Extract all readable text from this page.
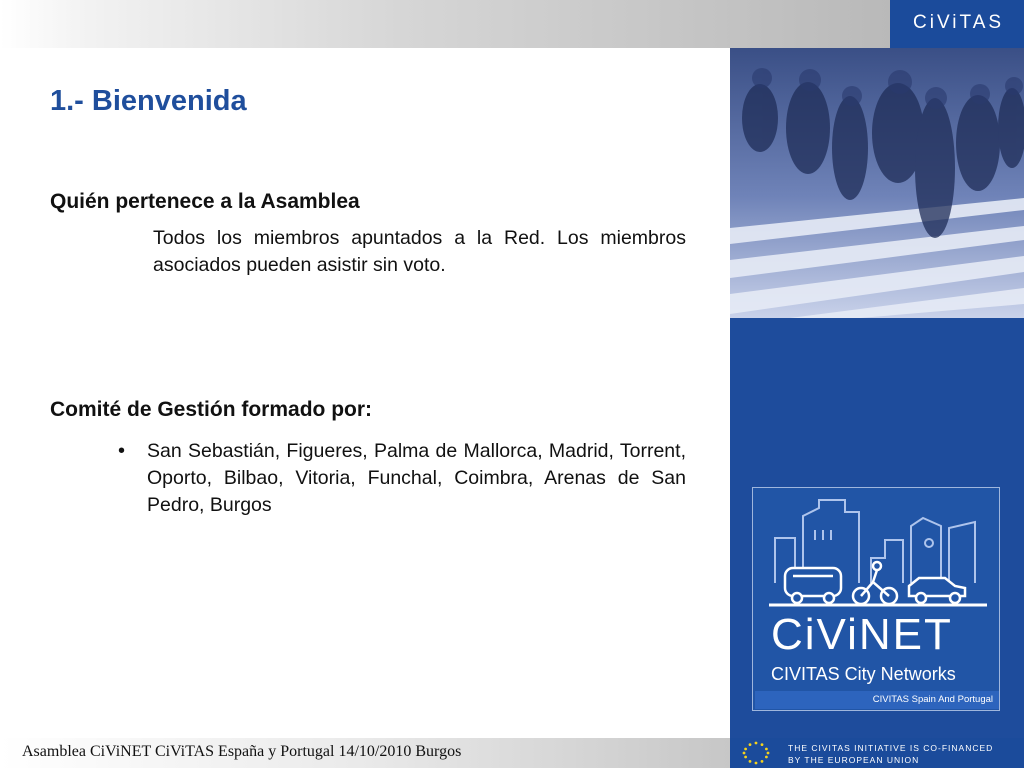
CiViTAS
1.- Bienvenida
Quién pertenece a la Asamblea

Todos los miembros apuntados a la Red. Los miembros asociados pueden asistir sin voto.

Comité de Gestión formado por:
• San Sebastián, Figueres, Palma de Mallorca, Madrid, Torrent, Oporto, Bilbao, Vitoria, Funchal, Coimbra, Arenas de San Pedro, Burgos

CiViNET
CIVITAS City Networks
CIVITAS Spain And Portugal
Asamblea CiViNET CiViTAS España y Portugal 14/10/2010 Burgos	THE CIVITAS INITIATIVE IS CO-FINANCED BY THE EUROPEAN UNION
